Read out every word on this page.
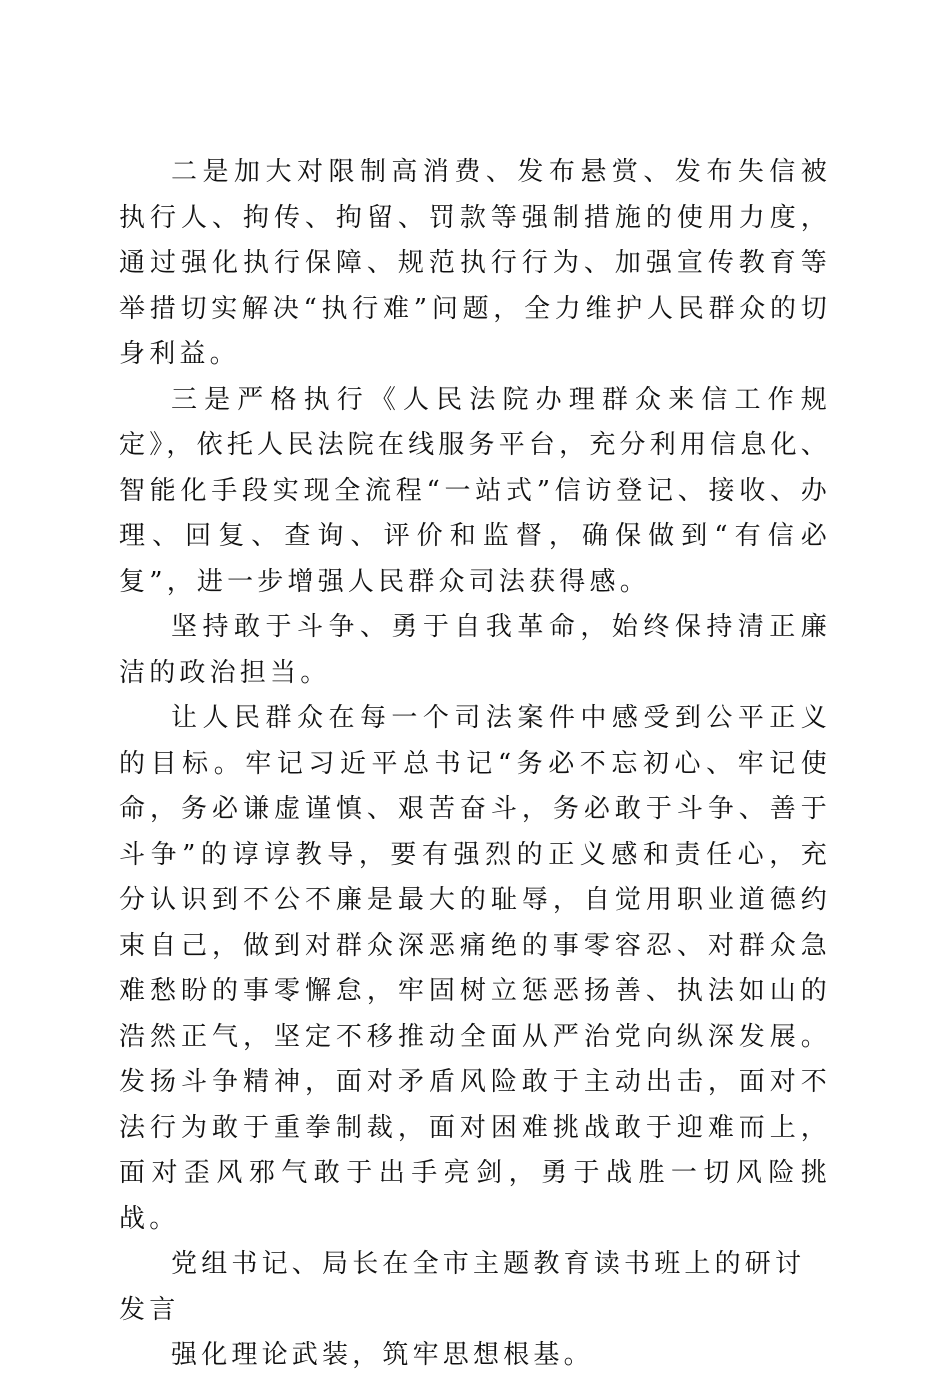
二是加大对限制高消费、发布悬赏、发布失信被执行人、拘传、拘留、罚款等强制措施的使用力度，通过强化执行保障、规范执行行为、加强宣传教育等举措切实解决“执行难”问题，全力维护人民群众的切身利益。

三是严格执行《人民法院办理群众来信工作规定》，依托人民法院在线服务平台，充分利用信息化、智能化手段实现全流程“一站式”信访登记、接收、办理、回复、查询、评价和监督，确保做到“有信必复”，进一步增强人民群众司法获得感。

坚持敢于斗争、勇于自我革命，始终保持清正廉洁的政治担当。

让人民群众在每一个司法案件中感受到公平正义的目标。牢记习近平总书记“务必不忘初心、牢记使命，务必谦虚谨慎、艰苦奋斗，务必敢于斗争、善于斗争”的谆谆教导，要有强烈的正义感和责任心，充分认识到不公不廉是最大的耻辱，自觉用职业道德约束自己，做到对群众深恶痛绝的事零容忍、对群众急难愁盼的事零懈怠，牢固树立惩恶扬善、执法如山的浩然正气，坚定不移推动全面从严治党向纵深发展。发扬斗争精神，面对矛盾风险敢于主动出击，面对不法行为敢于重拳制裁，面对困难挑战敢于迎难而上，面对歪风邪气敢于出手亮剑，勇于战胜一切风险挑战。

党组书记、局长在全市主题教育读书班上的研讨发言

强化理论武装，筑牢思想根基。
